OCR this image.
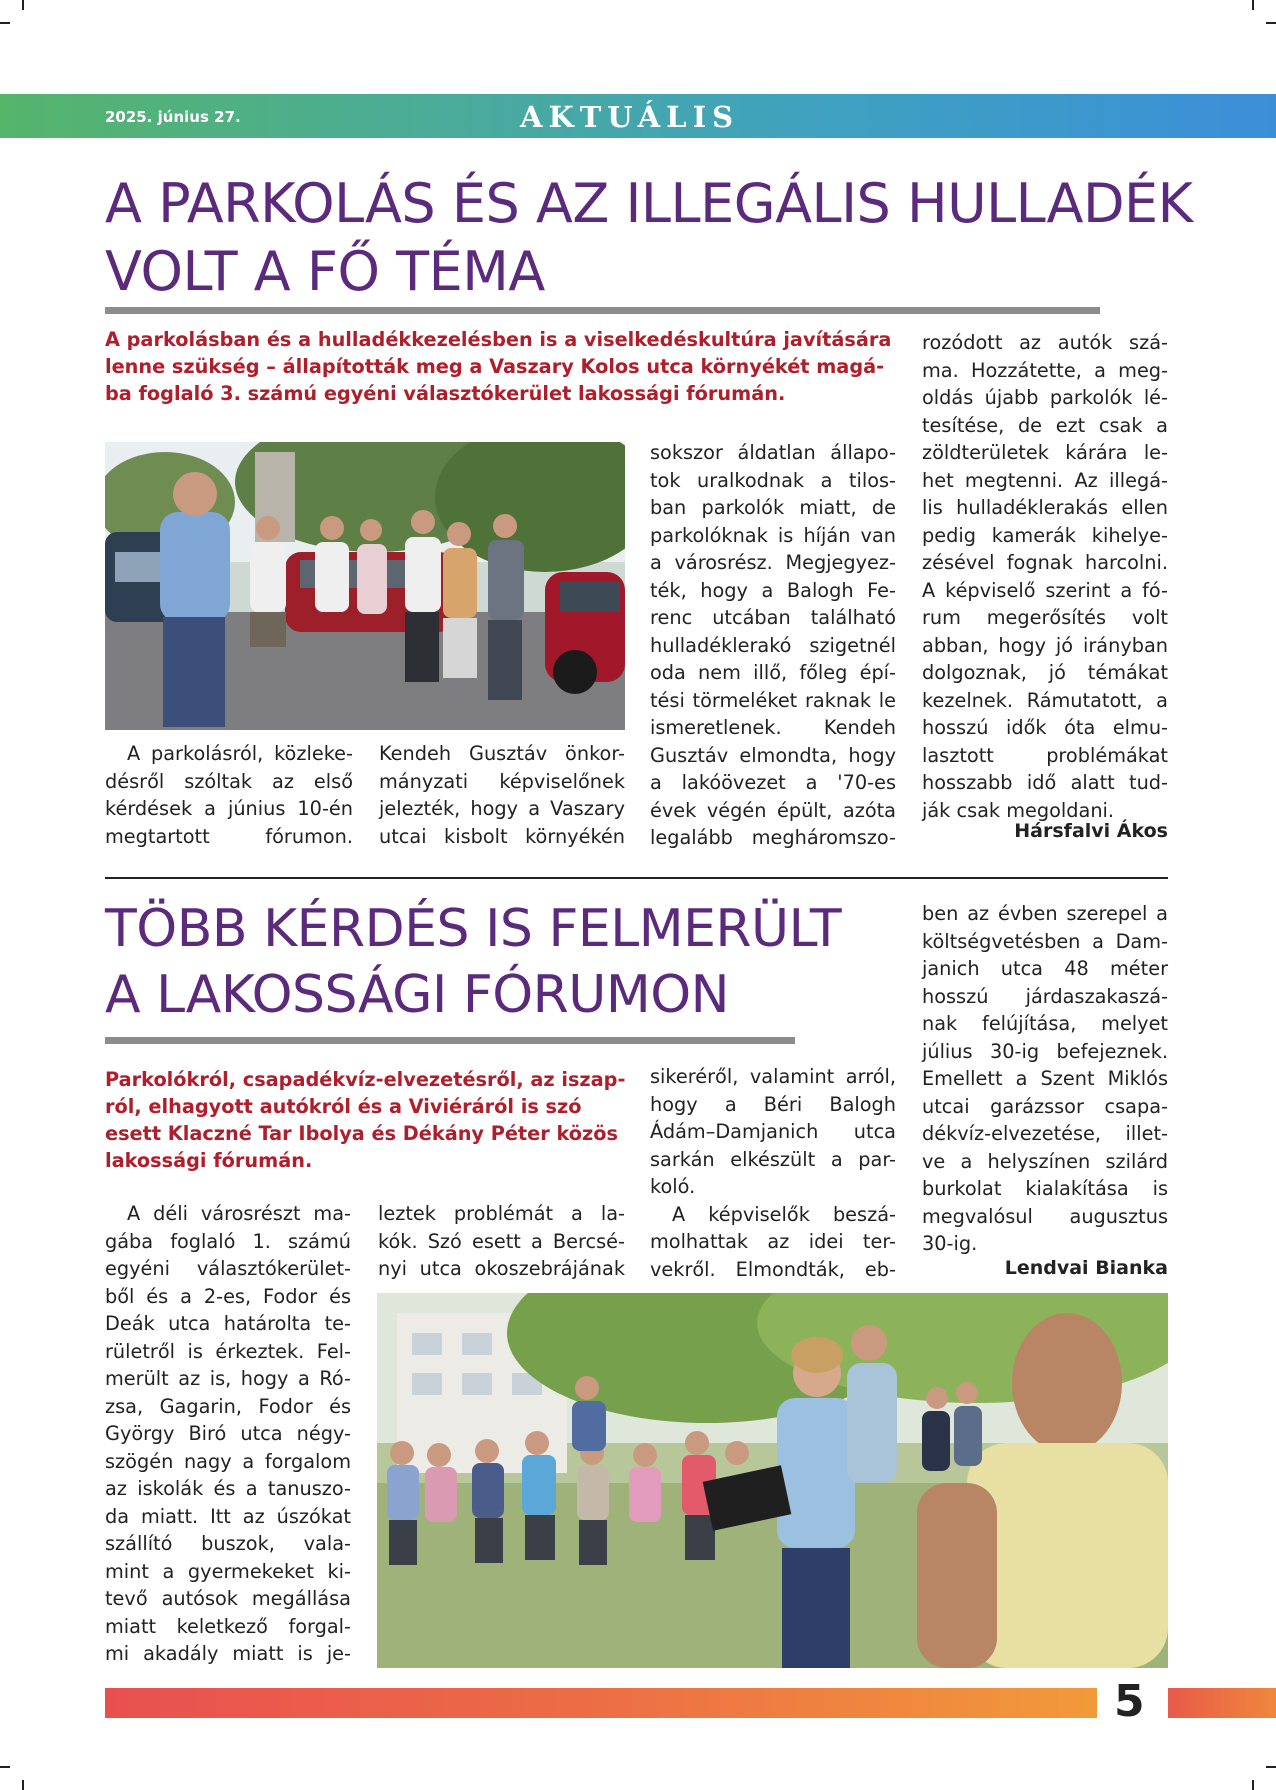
2025. június 27.	AKTUÁLIS
A PARKOLÁS ÉS AZ ILLEGÁLIS HULLADÉK
VOLT A FŐ TÉMA
A parkolásban és a hulladékkezelésben is a viselkedéskultúra javítására
lenne szükség – állapították meg a Vaszary Kolos utca környékét magá-
ba foglaló 3. számú egyéni választókerület lakossági fórumán.
A parkolásról, közleke-
désről szóltak az első
kérdések a június 10-én
megtartott fórumon.
Kendeh Gusztáv önkor-
mányzati képviselőnek
jelezték, hogy a Vaszary
utcai kisbolt környékén
sokszor áldatlan állapo-
tok uralkodnak a tilos-
ban parkolók miatt, de
parkolóknak is híján van
a városrész. Megjegyez-
ték, hogy a Balogh Fe-
renc utcában található
hulladéklerakó szigetnél
oda nem illő, főleg épí-
tési törmeléket raknak le
ismeretlenek. Kendeh
Gusztáv elmondta, hogy
a lakóövezet a '70-es
évek végén épült, azóta
legalább megháromszo-
rozódott az autók szá-
ma. Hozzátette, a meg-
oldás újabb parkolók lé-
tesítése, de ezt csak a
zöldterületek kárára le-
het megtenni. Az illegá-
lis hulladéklerakás ellen
pedig kamerák kihelye-
zésével fognak harcolni.
A képviselő szerint a fó-
rum megerősítés volt
abban, hogy jó irányban
dolgoznak, jó témákat
kezelnek. Rámutatott, a
hosszú idők óta elmu-
lasztott problémákat
hosszabb idő alatt tud-
ják csak megoldani.
Hársfalvi Ákos
TÖBB KÉRDÉS IS FELMERÜLT
A LAKOSSÁGI FÓRUMON
Parkolókról, csapadékvíz-elvezetésről, az iszap-
ról, elhagyott autókról és a Viviéráról is szó
esett Klaczné Tar Ibolya és Dékány Péter közös
lakossági fórumán.
A déli városrészt ma-
gába foglaló 1. számú
egyéni választókerület-
ből és a 2-es, Fodor és
Deák utca határolta te-
rületről is érkeztek. Fel-
merült az is, hogy a Ró-
zsa, Gagarin, Fodor és
György Biró utca négy-
szögén nagy a forgalom
az iskolák és a tanuszo-
da miatt. Itt az úszókat
szállító buszok, vala-
mint a gyermekeket ki-
tevő autósok megállása
miatt keletkező forgal-
mi akadály miatt is je-
leztek problémát a la-
kók. Szó esett a Bercsé-
nyi utca okoszebrájának
sikeréről, valamint arról,
hogy a Béri Balogh
Ádám–Damjanich utca
sarkán elkészült a par-
koló.
A képviselők beszá-
molhattak az idei ter-
vekről. Elmondták, eb-
ben az évben szerepel a
költségvetésben a Dam-
janich utca 48 méter
hosszú járdaszakaszá-
nak felújítása, melyet
július 30-ig befejeznek.
Emellett a Szent Miklós
utcai garázssor csapa-
dékvíz-elvezetése, illet-
ve a helyszínen szilárd
burkolat kialakítása is
megvalósul augusztus
30-ig.
Lendvai Bianka
5
